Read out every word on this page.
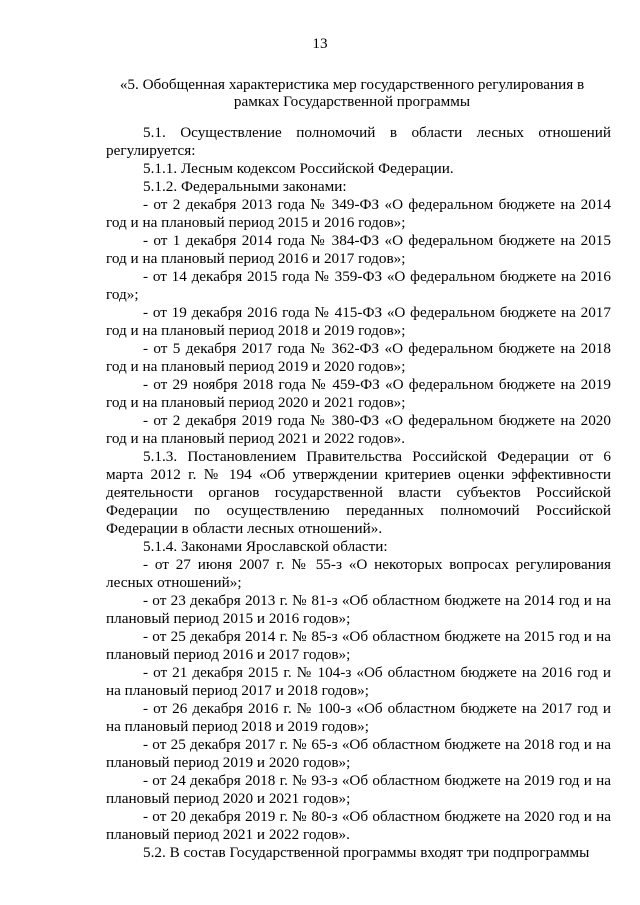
13
«5. Обобщенная характеристика мер государственного регулирования в рамках Государственной программы

5.1. Осуществление полномочий в области лесных отношений регулируется:

5.1.1. Лесным кодексом Российской Федерации.

5.1.2. Федеральными законами:

- от 2 декабря 2013 года № 349-ФЗ «О федеральном бюджете на 2014 год и на плановый период 2015 и 2016 годов»;

- от 1 декабря 2014 года № 384-ФЗ «О федеральном бюджете на 2015 год и на плановый период 2016 и 2017 годов»;

- от 14 декабря 2015 года № 359-ФЗ «О федеральном бюджете на 2016 год»;

- от 19 декабря 2016 года № 415-ФЗ «О федеральном бюджете на 2017 год и на плановый период 2018 и 2019 годов»;

- от 5 декабря 2017 года № 362-ФЗ «О федеральном бюджете на 2018 год и на плановый период 2019 и 2020 годов»;

- от 29 ноября 2018 года № 459-ФЗ «О федеральном бюджете на 2019 год и на плановый период 2020 и 2021 годов»;

- от 2 декабря 2019 года № 380-ФЗ «О федеральном бюджете на 2020 год и на плановый период 2021 и 2022 годов».

5.1.3. Постановлением Правительства Российской Федерации от 6 марта 2012 г. № 194 «Об утверждении критериев оценки эффективности деятельности органов государственной власти субъектов Российской Федерации по осуществлению переданных полномочий Российской Федерации в области лесных отношений».

5.1.4. Законами Ярославской области:

- от 27 июня 2007 г. № 55-з «О некоторых вопросах регулирования лесных отношений»;

- от 23 декабря 2013 г. № 81-з «Об областном бюджете на 2014 год и на плановый период 2015 и 2016 годов»;

- от 25 декабря 2014 г. № 85-з «Об областном бюджете на 2015 год и на плановый период 2016 и 2017 годов»;

- от 21 декабря 2015 г. № 104-з «Об областном бюджете на 2016 год и на плановый период 2017 и 2018 годов»;

- от 26 декабря 2016 г. № 100-з «Об областном бюджете на 2017 год и на плановый период 2018 и 2019 годов»;

- от 25 декабря 2017 г. № 65-з «Об областном бюджете на 2018 год и на плановый период 2019 и 2020 годов»;

- от 24 декабря 2018 г. № 93-з «Об областном бюджете на 2019 год и на плановый период 2020 и 2021 годов»;

- от 20 декабря 2019 г. № 80-з «Об областном бюджете на 2020 год и на плановый период 2021 и 2022 годов».

5.2. В состав Государственной программы входят три подпрограммы
